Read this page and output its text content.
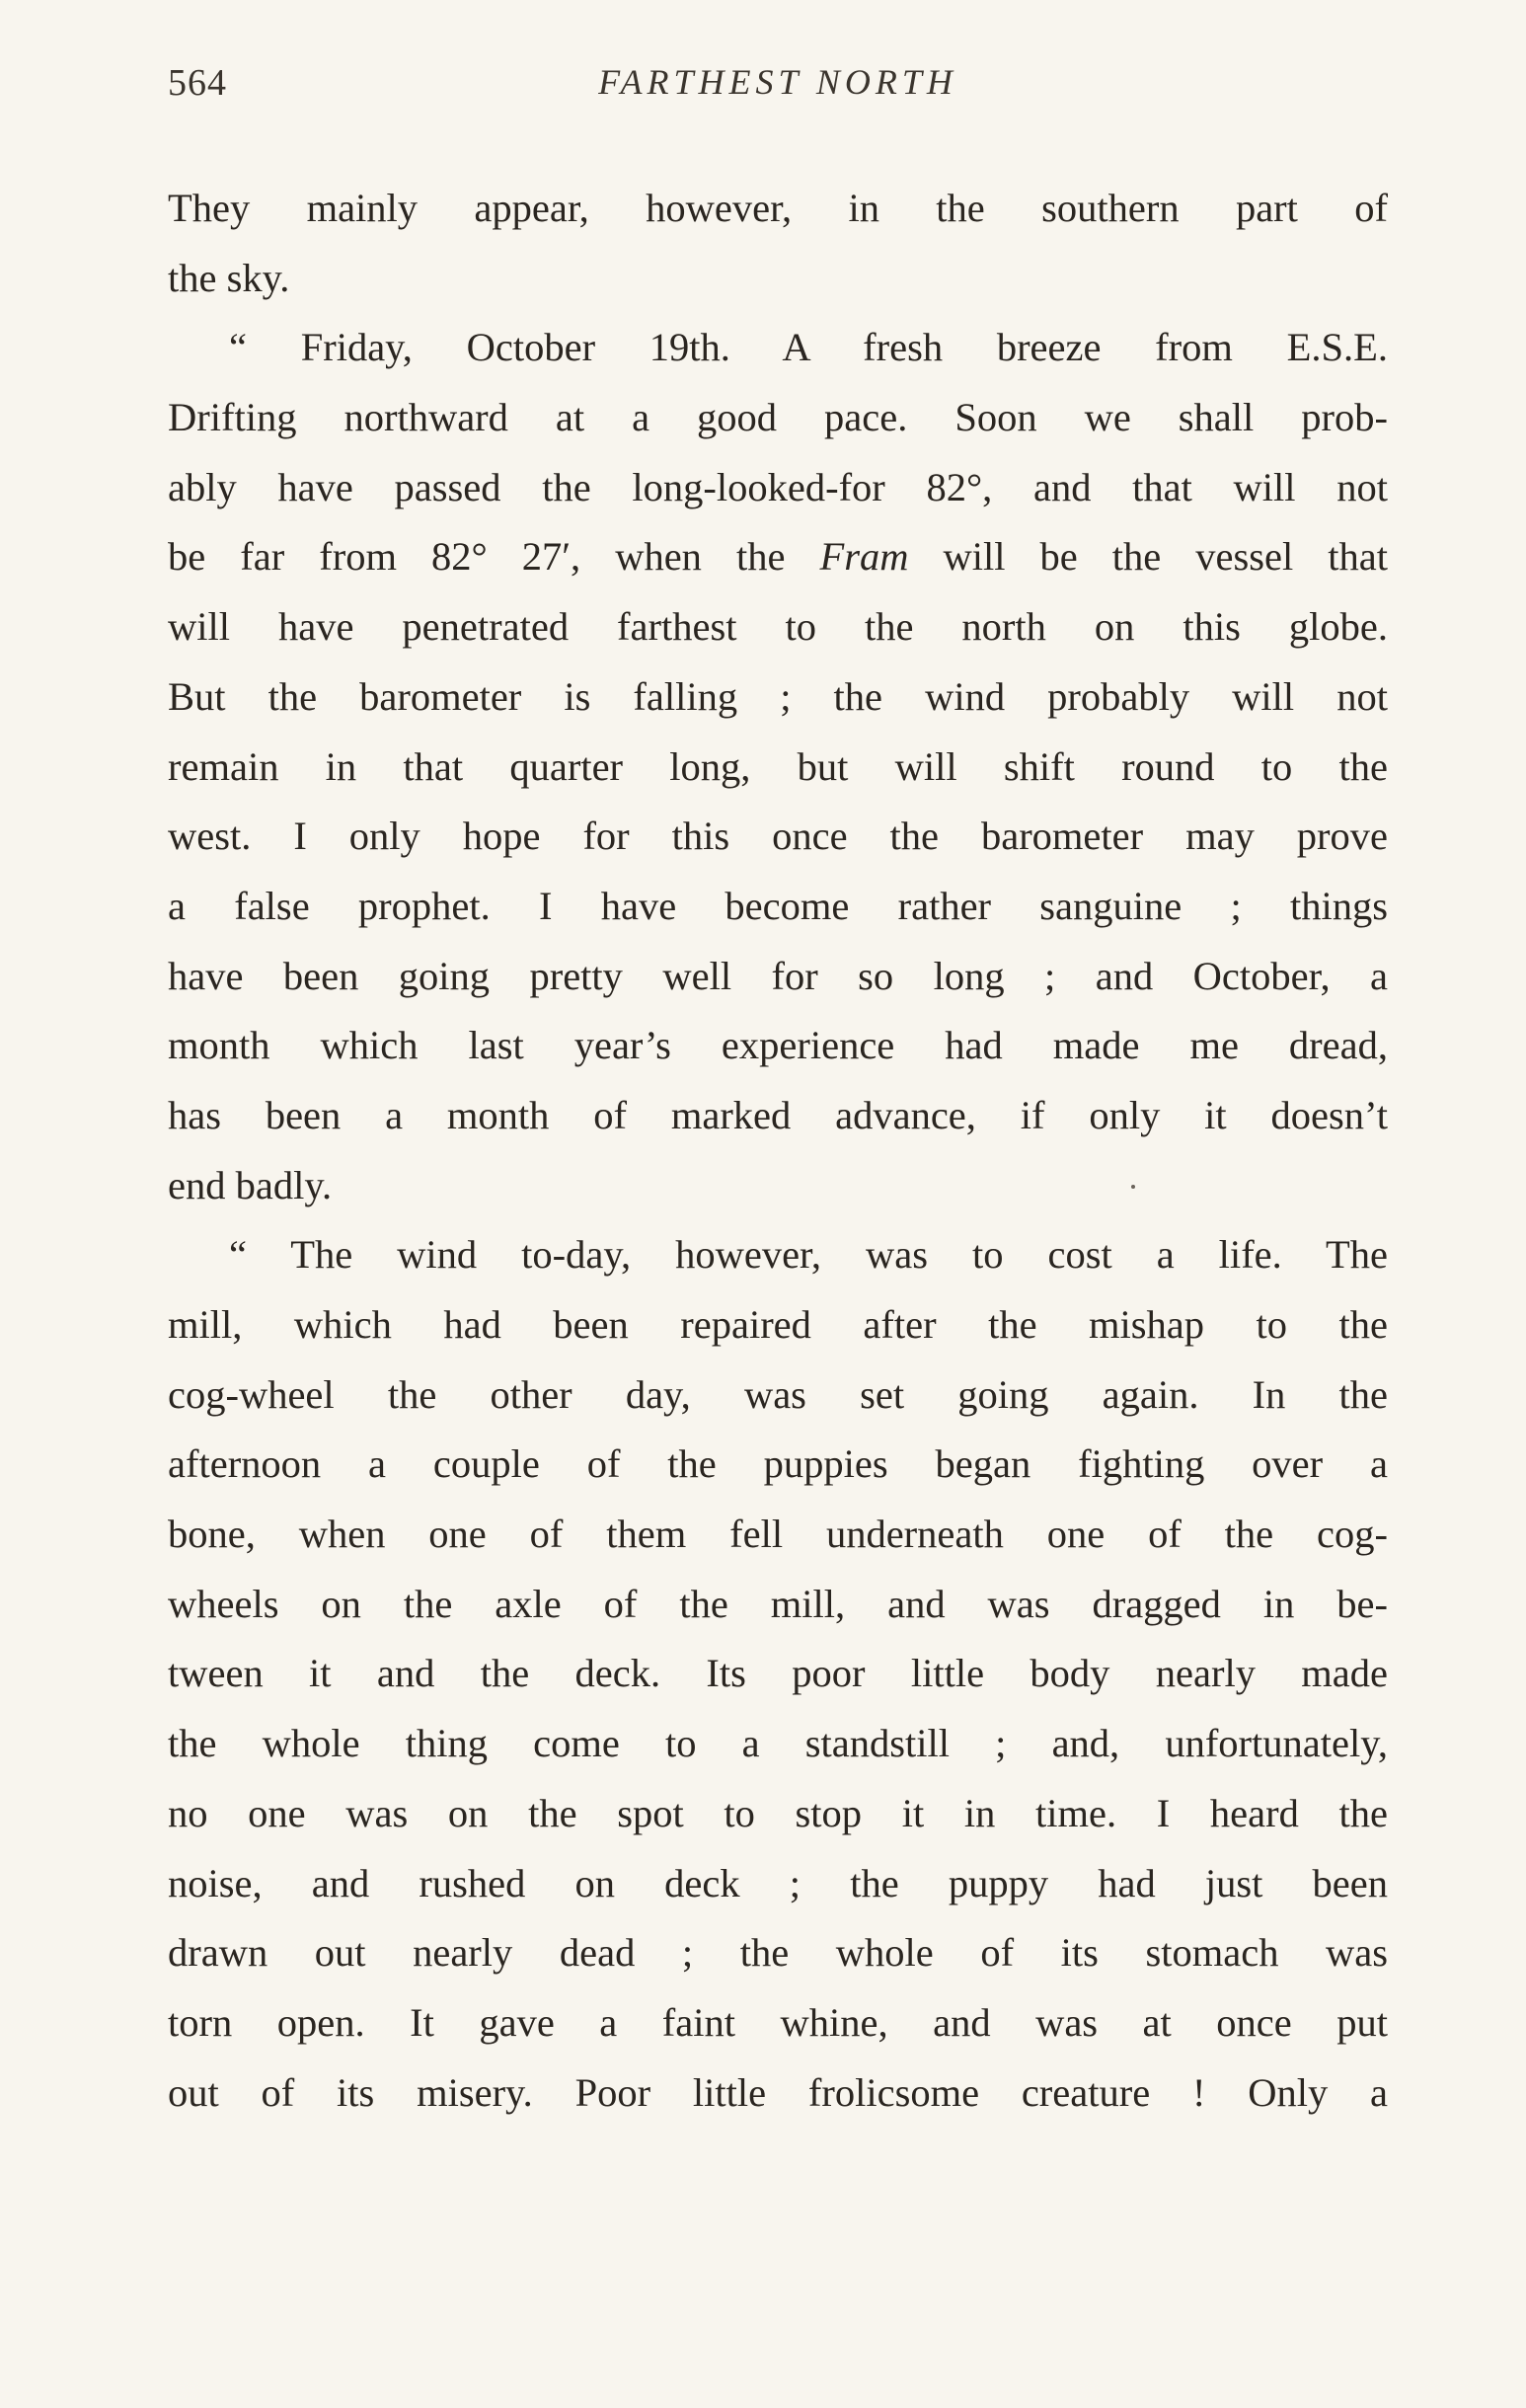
564	FARTHEST NORTH
They mainly appear, however, in the southern part of
the sky.
“ Friday, October 19th. A fresh breeze from E.S.E.
Drifting northward at a good pace. Soon we shall prob-
ably have passed the long-looked-for 82°, and that will not
be far from 82° 27′, when the Fram will be the vessel that
will have penetrated farthest to the north on this globe.
But the barometer is falling ; the wind probably will not
remain in that quarter long, but will shift round to the
west. I only hope for this once the barometer may prove
a false prophet. I have become rather sanguine ; things
have been going pretty well for so long ; and October, a
month which last year’s experience had made me dread,
has been a month of marked advance, if only it doesn’t
end badly.
“ The wind to-day, however, was to cost a life. The
mill, which had been repaired after the mishap to the
cog-wheel the other day, was set going again. In the
afternoon a couple of the puppies began fighting over a
bone, when one of them fell underneath one of the cog-
wheels on the axle of the mill, and was dragged in be-
tween it and the deck. Its poor little body nearly made
the whole thing come to a standstill ; and, unfortunately,
no one was on the spot to stop it in time. I heard the
noise, and rushed on deck ; the puppy had just been
drawn out nearly dead ; the whole of its stomach was
torn open. It gave a faint whine, and was at once put
out of its misery. Poor little frolicsome creature ! Only a
